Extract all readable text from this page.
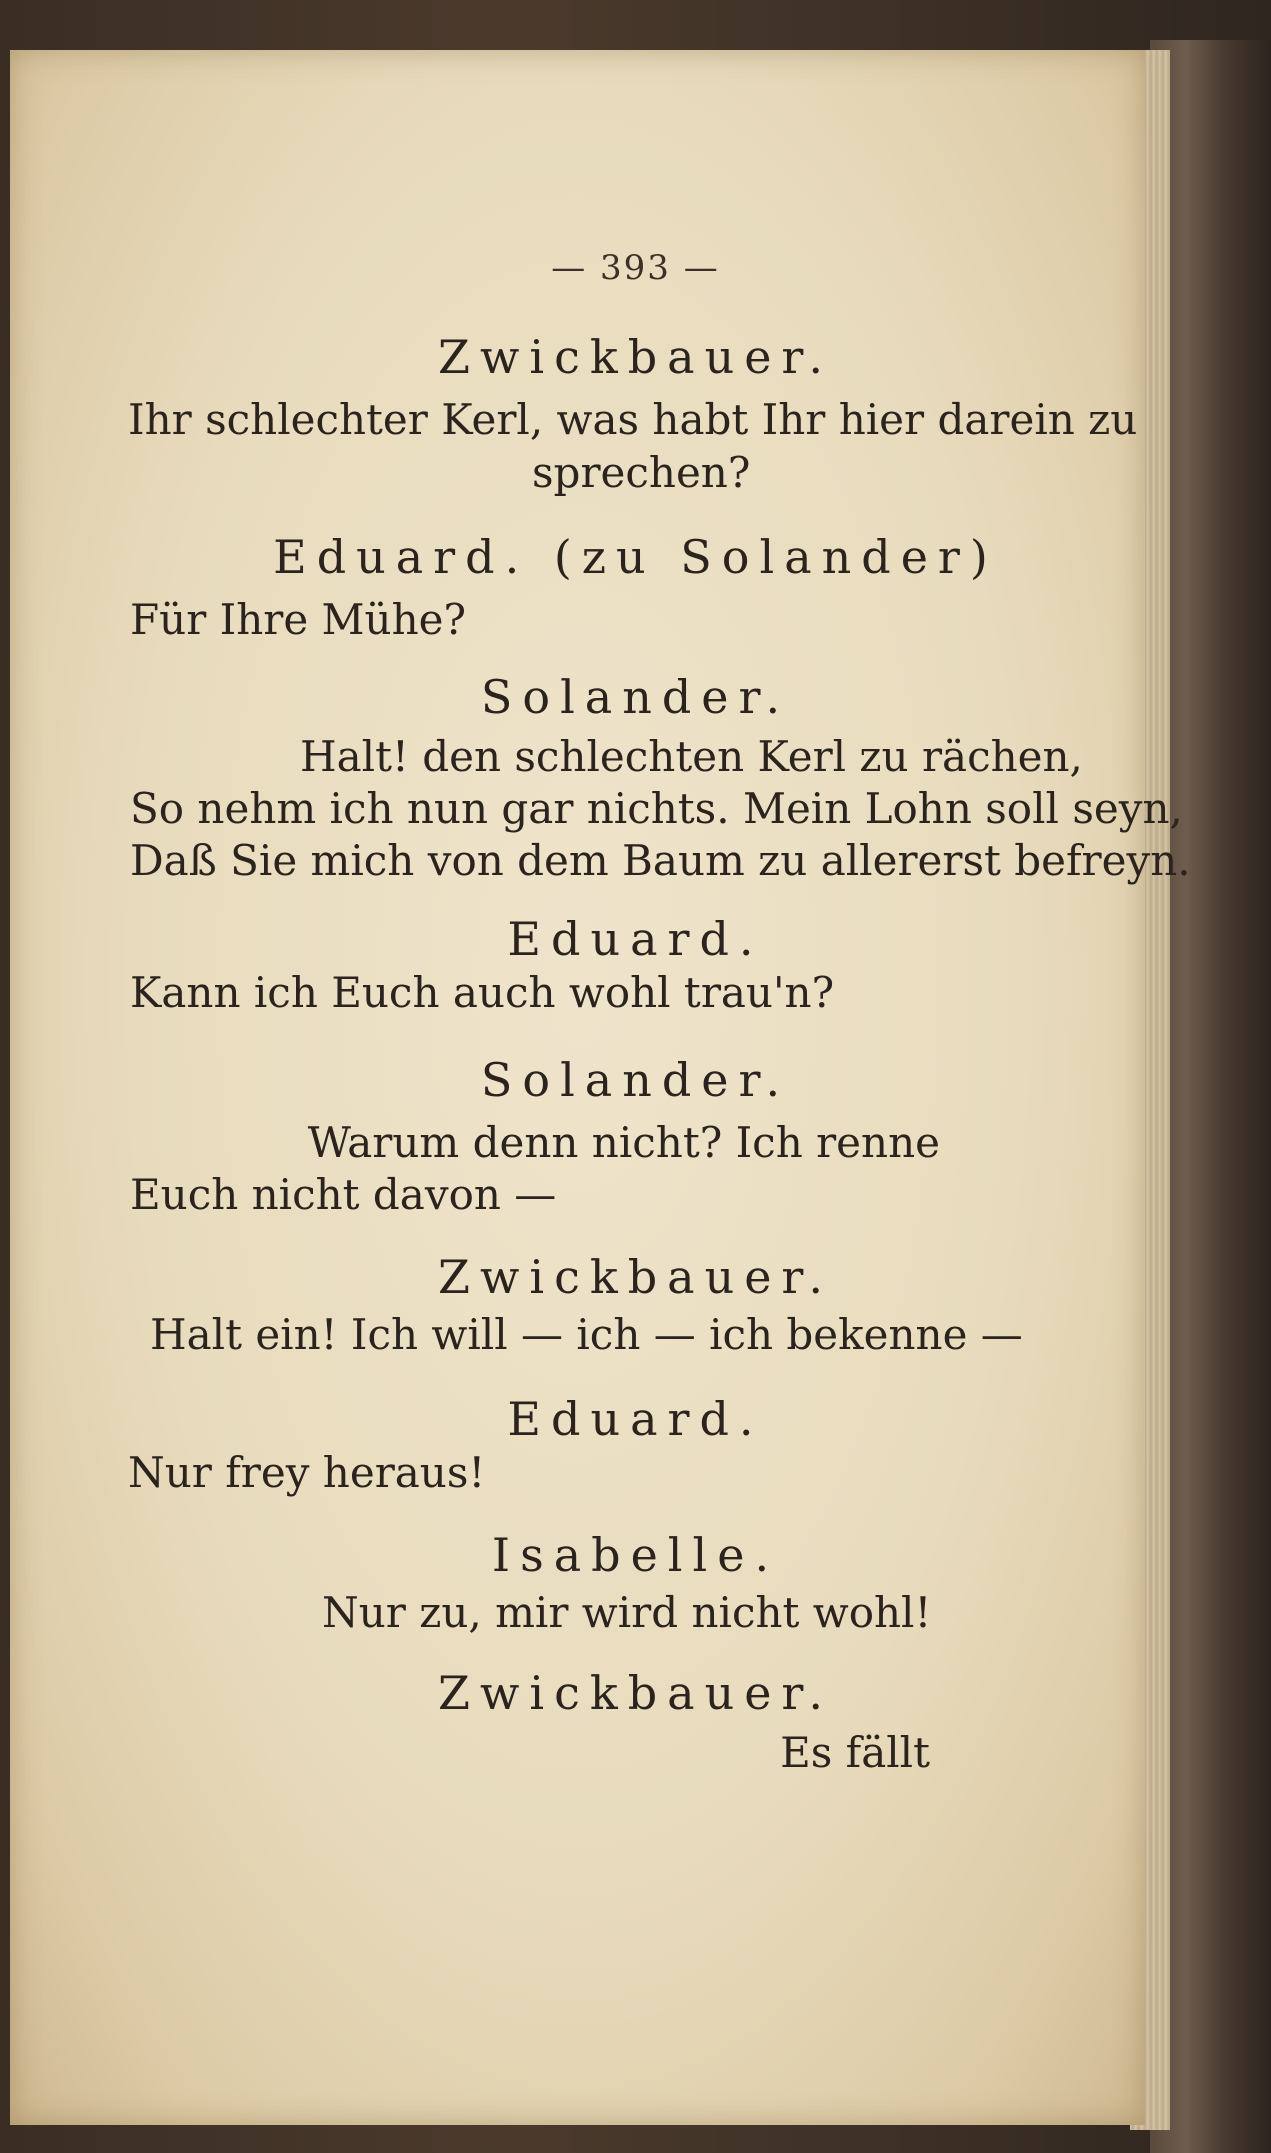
— 393 —
Zwickbauer.
Ihr schlechter Kerl, was habt Ihr hier darein zu
sprechen?
Eduard. (zu Solander)
Für Ihre Mühe?
Solander.
Halt! den schlechten Kerl zu rächen,
So nehm ich nun gar nichts. Mein Lohn soll seyn,
Daß Sie mich von dem Baum zu allererst befreyn.
Eduard.
Kann ich Euch auch wohl trau'n?
Solander.
Warum denn nicht? Ich renne
Euch nicht davon —
Zwickbauer.
Halt ein! Ich will — ich — ich bekenne —
Eduard.
Nur frey heraus!
Isabelle.
Nur zu, mir wird nicht wohl!
Zwickbauer.
Es fällt
